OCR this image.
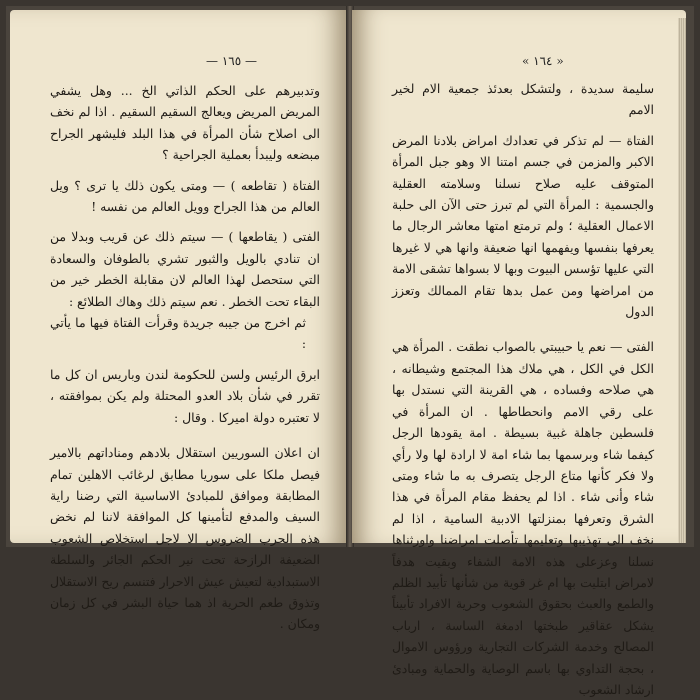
— ١٦٥ —

وتدبيرهم على الحكم الذاتي الخ ... وهل يشفي المريض المريض ويعالج السقيم السقيم . اذا لم نخف الى اصلاح شأن المرأة في هذا البلد فليشهر الجراح مبضعه وليبدأ بعملية الجراحية ؟

الفتاة ( تقاطعه ) — ومتى يكون ذلك يا ترى ؟ ويل العالم من هذا الجراح وويل العالم من نفسه !

الفتى ( يقاطعها ) — سيتم ذلك عن قريب وبدلا من ان تنادي بالويل والثبور تشري بالطوفان والسعادة التي ستحصل لهذا العالم لان مقابلة الخطر خير من البقاء تحت الخطر . نعم سيتم ذلك وهاك الطلائع :

ثم اخرج من جيبه جريدة وقرأت الفتاة فيها ما يأتي :

ابرق الرئيس ولسن للحكومة لندن وباريس ان كل ما تقرر في شأن بلاد العدو المحتلة ولم يكن بموافقته ، لا تعتبره دولة اميركا . وقال :

ان اعلان السوريين استقلال بلادهم ومناداتهم بالامير فيصل ملكا على سوريا مطابق لرغائب الاهلين تمام المطابقة وموافق للمبادئ الاساسية التي رضنا راية السيف والمدفع لتأمينها كل الموافقة لاننا لم نخض هذه الحرب الضروس الا لاجل استخلاص الشعوب الضعيفة الرازحة تحت نير الحكم الجائر والسلطة الاستبدادية لتعيش عيش الاحرار فتنسم ريح الاستقلال وتذوق طعم الحرية اذ هما حياة البشر في كل زمان ومكان .

« ١٦٤ »

سليمة سديدة ، ولتشكل بعدئذ جمعية الام لخير الامم

الفتاة — لم تذكر في تعدادك امراض بلادنا المرض الاكبر والمزمن في جسم امتنا الا وهو جبل المرأة المتوقف عليه صلاح نسلنا وسلامته العقلية والجسمية : المرأة التي لم تبرز حتى الآن الى حلبة الاعمال العقلية ؛ ولم ترمتع امتها معاشر الرجال ما يعرفها بنفسها ويفهمها انها ضعيفة وانها هي لا غيرها التي عليها تؤسس البيوت وبها لا بسواها تشقى الامة من امراضها ومن عمل بدها تقام الممالك وتعزز الدول

الفتى — نعم يا حبيبتي بالصواب نطقت . المرأة هي الكل في الكل ، هي ملاك هذا المجتمع وشيطانه ، هي صلاحه وفساده ، هي القرينة التي نستدل بها على رقي الامم وانحطاطها . ان المرأة في فلسطين جاهلة غبية بسيطة . امة يقودها الرجل كيفما شاء وبرسمها بما شاء امة لا ارادة لها ولا رأي ولا فكر كأنها متاع الرجل يتصرف به ما شاء ومتى شاء وأنى شاء . اذا لم يحفظ مقام المرأة في هذا الشرق وتعرفها بمنزلتها الادبية السامية ، اذا لم نخف الى تهذيبها وتعليمها تأصلت امراضنا واورثناها نسلنا وعزعلى هذه الامة الشفاء وبقيت هدفاً لامراض ابتليت بها ام غر قوية من شأنها تأبيد الظلم والطمع والعبث بحقوق الشعوب وحرية الافراد تأبيناً يشكل عقاقير طبختها ادمغة الساسة ، ارباب المصالح وخدمة الشركات التجارية ورؤوس الاموال ، بحجة التداوي بها باسم الوصاية والحماية ومبادئ ارشاد الشعوب
